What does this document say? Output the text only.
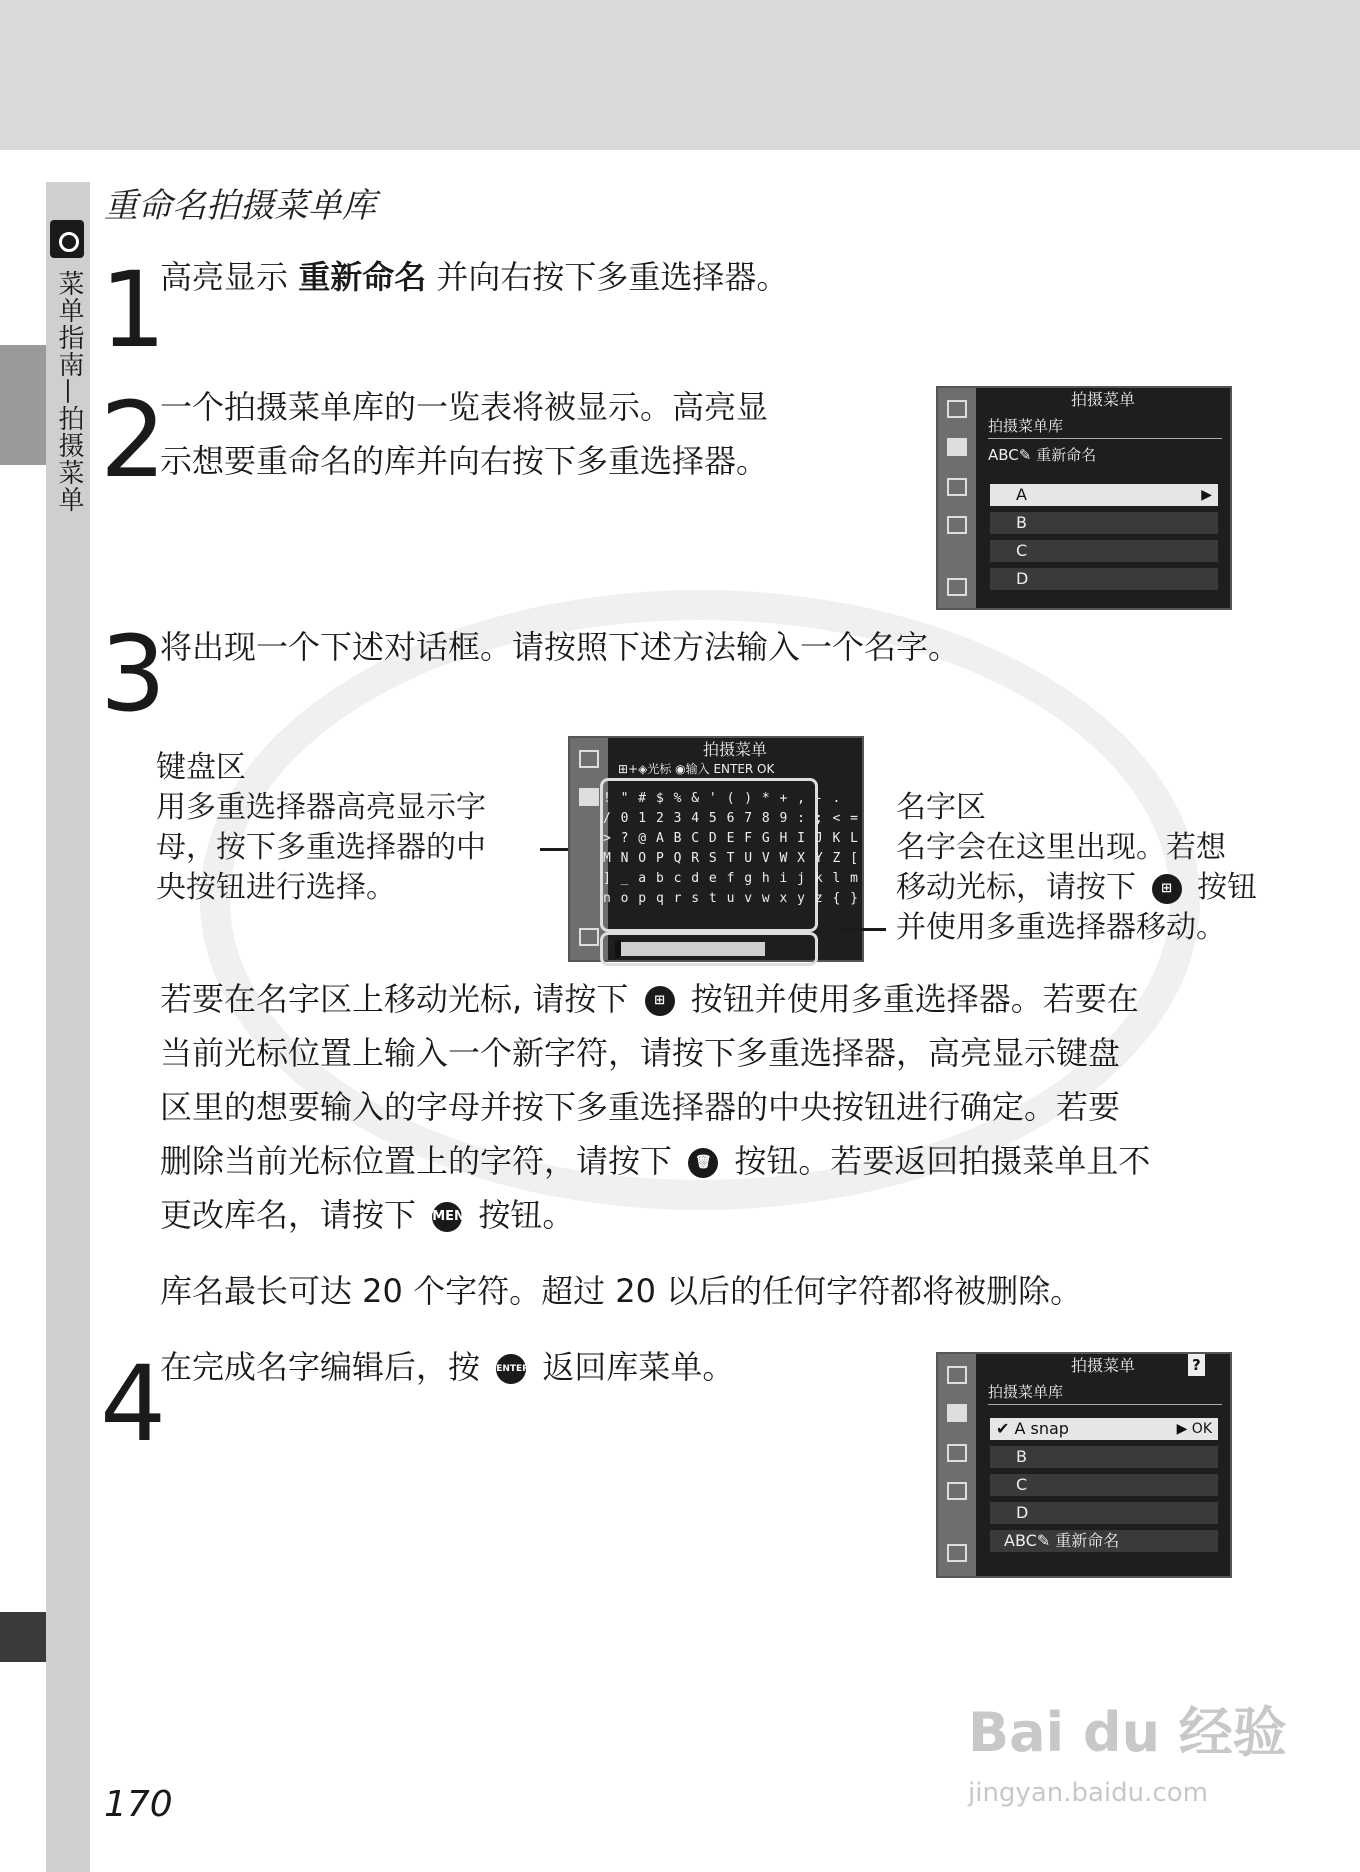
菜单指南—拍摄菜单
重命名拍摄菜单库
1
高亮显示 重新命名 并向右按下多重选择器。
2
一个拍摄菜单库的一览表将被显示。高亮显
示想要重命名的库并向右按下多重选择器。
拍摄菜单
拍摄菜单库
ABC✎ 重新命名
A	▶
B
C
D
3
将出现一个下述对话框。请按照下述方法输入一个名字。
键盘区
用多重选择器高亮显示字
母，按下多重选择器的中
央按钮进行选择。
拍摄菜单
⊞+◈光标 ◉输入 ENTER OK
! " # $ % & ' ( ) * + , - .
/ 0 1 2 3 4 5 6 7 8 9 : ; < =
> ? @ A B C D E F G H I J K L
M N O P Q R S T U V W X Y Z [
] _ a b c d e f g h i j k l m
n o p q r s t u v w x y z { }
名字区
名字会在这里出现。若想
移动光标，请按下 ⊞ 按钮
并使用多重选择器移动。
若要在名字区上移动光标, 请按下 ⊞ 按钮并使用多重选择器。若要在
当前光标位置上输入一个新字符，请按下多重选择器，高亮显示键盘
区里的想要输入的字母并按下多重选择器的中央按钮进行确定。若要
删除当前光标位置上的字符，请按下 🗑 按钮。若要返回拍摄菜单且不
更改库名，请按下 MENU 按钮。
库名最长可达 20 个字符。超过 20 以后的任何字符都将被删除。
4
在完成名字编辑后，按 ENTER 返回库菜单。	拍摄菜单	?
拍摄菜单库
✔ A snap	▶ OK
B
C
D
ABC✎ 重新命名
170
Bai du 经验
jingyan.baidu.com
